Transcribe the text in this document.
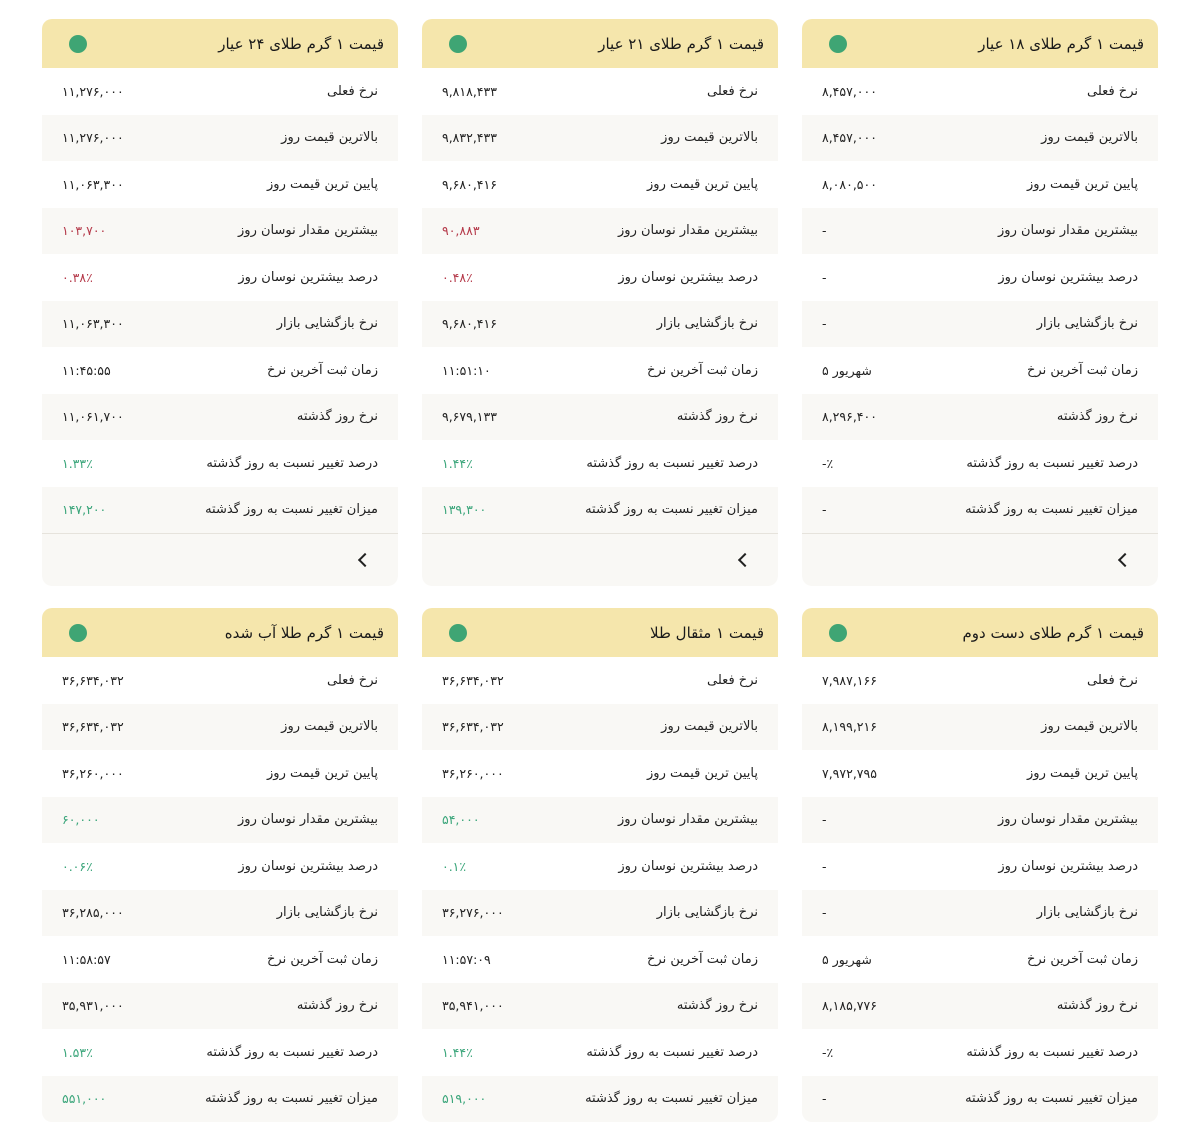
قیمت ۱ گرم طلای ۱۸ عیار
نرخ فعلی
۸,۴۵۷,۰۰۰
بالاترین قیمت روز
۸,۴۵۷,۰۰۰
پایین ترین قیمت روز
۸,۰۸۰,۵۰۰
بیشترین مقدار نوسان روز
-
درصد بیشترین نوسان روز
-
نرخ بازگشایی بازار
-
زمان ثبت آخرین نرخ
شهریور ۵
نرخ روز گذشته
۸,۲۹۶,۴۰۰
درصد تغییر نسبت به روز گذشته
-٪
میزان تغییر نسبت به روز گذشته
-
قیمت ۱ گرم طلای ۲۱ عیار
نرخ فعلی
۹,۸۱۸,۴۳۳
بالاترین قیمت روز
۹,۸۳۲,۴۳۳
پایین ترین قیمت روز
۹,۶۸۰,۴۱۶
بیشترین مقدار نوسان روز
۹۰,۸۸۳
درصد بیشترین نوسان روز
۰.۴۸٪
نرخ بازگشایی بازار
۹,۶۸۰,۴۱۶
زمان ثبت آخرین نرخ
۱۱:۵۱:۱۰
نرخ روز گذشته
۹,۶۷۹,۱۳۳
درصد تغییر نسبت به روز گذشته
۱.۴۴٪
میزان تغییر نسبت به روز گذشته
۱۳۹,۳۰۰
قیمت ۱ گرم طلای ۲۴ عیار
نرخ فعلی
۱۱,۲۷۶,۰۰۰
بالاترین قیمت روز
۱۱,۲۷۶,۰۰۰
پایین ترین قیمت روز
۱۱,۰۶۳,۳۰۰
بیشترین مقدار نوسان روز
۱۰۳,۷۰۰
درصد بیشترین نوسان روز
۰.۳۸٪
نرخ بازگشایی بازار
۱۱,۰۶۳,۳۰۰
زمان ثبت آخرین نرخ
۱۱:۴۵:۵۵
نرخ روز گذشته
۱۱,۰۶۱,۷۰۰
درصد تغییر نسبت به روز گذشته
۱.۳۳٪
میزان تغییر نسبت به روز گذشته
۱۴۷,۲۰۰
قیمت ۱ گرم طلای دست دوم
نرخ فعلی
۷,۹۸۷,۱۶۶
بالاترین قیمت روز
۸,۱۹۹,۲۱۶
پایین ترین قیمت روز
۷,۹۷۲,۷۹۵
بیشترین مقدار نوسان روز
-
درصد بیشترین نوسان روز
-
نرخ بازگشایی بازار
-
زمان ثبت آخرین نرخ
شهریور ۵
نرخ روز گذشته
۸,۱۸۵,۷۷۶
درصد تغییر نسبت به روز گذشته
-٪
میزان تغییر نسبت به روز گذشته
-
قیمت ۱ مثقال طلا
نرخ فعلی
۳۶,۶۳۴,۰۳۲
بالاترین قیمت روز
۳۶,۶۳۴,۰۳۲
پایین ترین قیمت روز
۳۶,۲۶۰,۰۰۰
بیشترین مقدار نوسان روز
۵۴,۰۰۰
درصد بیشترین نوسان روز
۰.۱٪
نرخ بازگشایی بازار
۳۶,۲۷۶,۰۰۰
زمان ثبت آخرین نرخ
۱۱:۵۷:۰۹
نرخ روز گذشته
۳۵,۹۴۱,۰۰۰
درصد تغییر نسبت به روز گذشته
۱.۴۴٪
میزان تغییر نسبت به روز گذشته
۵۱۹,۰۰۰
قیمت ۱ گرم طلا آب شده
نرخ فعلی
۳۶,۶۳۴,۰۳۲
بالاترین قیمت روز
۳۶,۶۳۴,۰۳۲
پایین ترین قیمت روز
۳۶,۲۶۰,۰۰۰
بیشترین مقدار نوسان روز
۶۰,۰۰۰
درصد بیشترین نوسان روز
۰.۰۶٪
نرخ بازگشایی بازار
۳۶,۲۸۵,۰۰۰
زمان ثبت آخرین نرخ
۱۱:۵۸:۵۷
نرخ روز گذشته
۳۵,۹۳۱,۰۰۰
درصد تغییر نسبت به روز گذشته
۱.۵۳٪
میزان تغییر نسبت به روز گذشته
۵۵۱,۰۰۰
